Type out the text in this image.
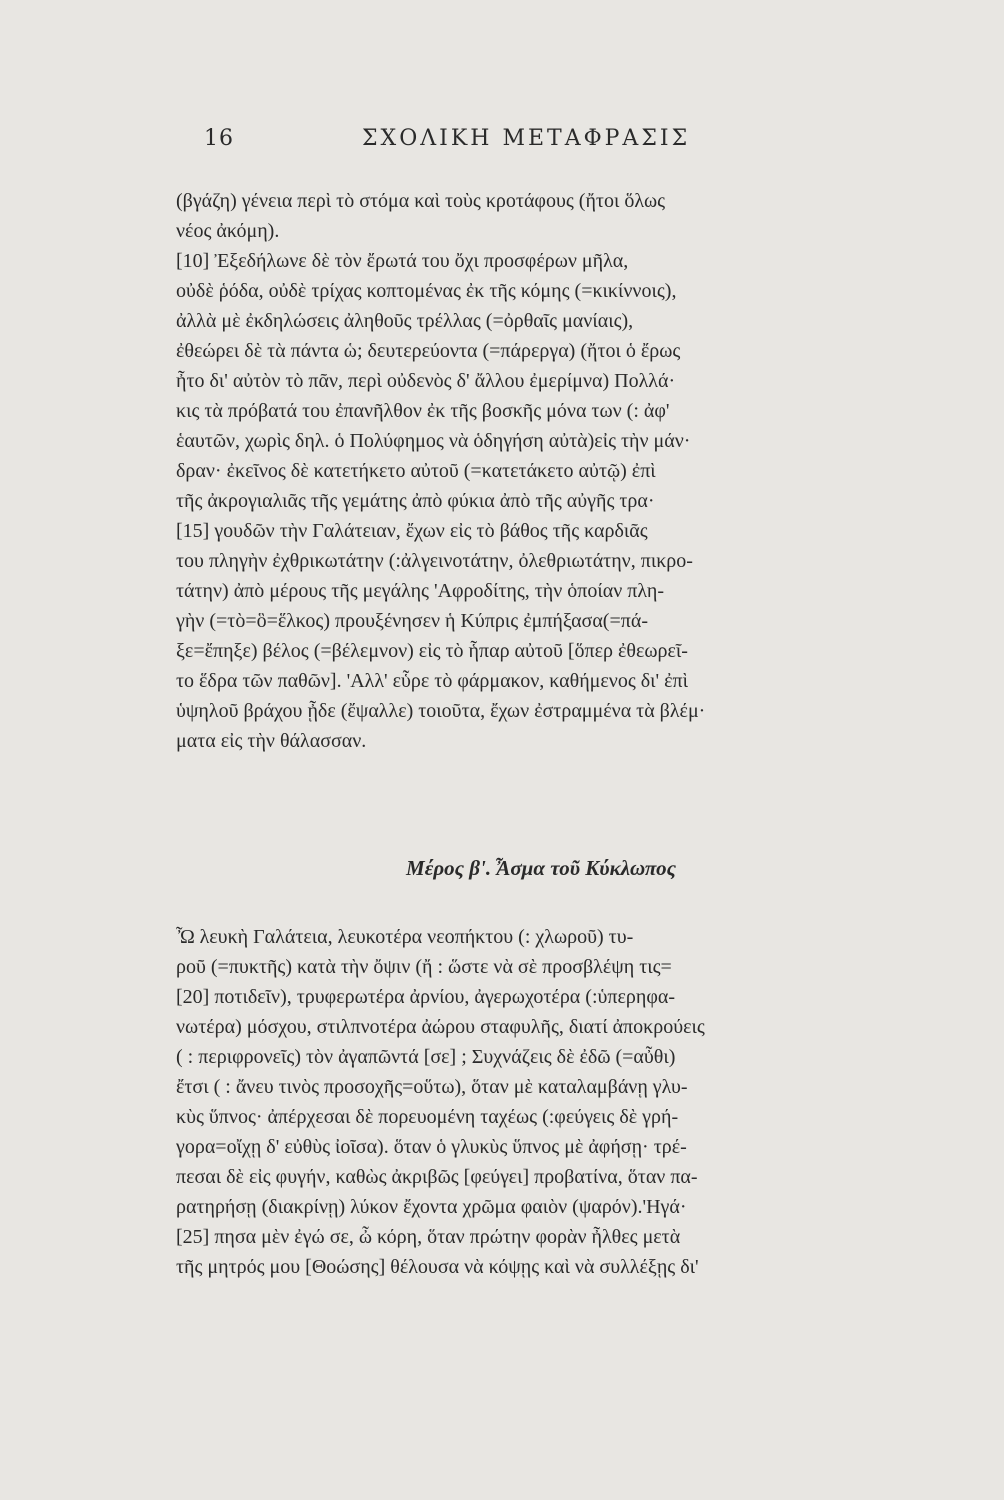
16	ΣΧΟΛΙΚΗ ΜΕΤΑΦΡΑΣΙΣ
(βγάζη) γένεια περὶ τὸ στόμα καὶ τοὺς κροτάφους (ἤτοι ὅλως
νέος ἀκόμη).
[10] Ἐξεδήλωνε δὲ τὸν ἔρωτά του ὄχι προσφέρων μῆλα,
οὐδὲ ῥόδα, οὐδὲ τρίχας κοπτομένας ἐκ τῆς κόμης (=κικίννοις),
ἀλλὰ μὲ ἐκδηλώσεις ἀληθοῦς τρέλλας (=ὀρθαῖς μανίαις),
ἐθεώρει δὲ τὰ πάντα ὡ; δευτερεύοντα (=πάρεργα) (ἤτοι ὁ ἔρως
ἦτο δι' αὐτὸν τὸ πᾶν, περὶ οὐδενὸς δ' ἄλλου ἐμερίμνα) Πολλά·
κις τὰ πρόβατά του ἐπανῆλθον ἐκ τῆς βοσκῆς μόνα των (: ἀφ'
ἑαυτῶν, χωρὶς δηλ. ὁ Πολύφημος νὰ ὁδηγήση αὐτὰ)εἰς τὴν μάν·
δραν· ἐκεῖνος δὲ κατετήκετο αὐτοῦ (=κατετάκετο αὐτῷ) ἐπὶ
τῆς ἀκρογιαλιᾶς τῆς γεμάτης ἀπὸ φύκια ἀπὸ τῆς αὐγῆς τρα·
[15] γουδῶν τὴν Γαλάτειαν, ἔχων εἰς τὸ βάθος τῆς καρδιᾶς
του πληγὴν ἐχθρικωτάτην (:ἀλγεινοτάτην, ὀλεθριωτάτην, πικρο-
τάτην) ἀπὸ μέρους τῆς μεγάλης 'Αφροδίτης, τὴν ὁποίαν πλη-
γὴν (=τὸ=ὃ=ἕλκος) προυξένησεν ἡ Κύπρις ἐμπήξασα(=πά-
ξε=ἔπηξε) βέλος (=βέλεμνον) εἰς τὸ ἧπαρ αὐτοῦ [ὅπερ ἐθεωρεῖ-
το ἕδρα τῶν παθῶν]. 'Αλλ' εὗρε τὸ φάρμακον, καθήμενος δι' ἐπὶ
ὑψηλοῦ βράχου ᾖδε (ἔψαλλε) τοιοῦτα, ἔχων ἐστραμμένα τὰ βλέμ·
ματα εἰς τὴν θάλασσαν.
Μέρος β'. Ἆσμα τοῦ Κύκλωπος
Ὦ λευκὴ Γαλάτεια, λευκοτέρα νεοπήκτου (: χλωροῦ) τυ-
ροῦ (=πυκτῆς) κατὰ τὴν ὄψιν (ἤ : ὥστε νὰ σὲ προσβλέψη τις=
[20] ποτιδεῖν), τρυφερωτέρα ἀρνίου, ἀγερωχοτέρα (:ὑπερηφα-
νωτέρα) μόσχου, στιλπνοτέρα ἀώρου σταφυλῆς, διατί ἀποκρούεις
( : περιφρονεῖς) τὸν ἀγαπῶντά [σε] ; Συχνάζεις δὲ ἐδῶ (=αὖθι)
ἔτσι ( : ἄνευ τινὸς προσοχῆς=οὕτω), ὅταν μὲ καταλαμβάνῃ γλυ-
κὺς ὕπνος· ἀπέρχεσαι δὲ πορευομένη ταχέως (:φεύγεις δὲ γρή-
γορα=οἴχῃ δ' εὐθὺς ἰοῖσα). ὅταν ὁ γλυκὺς ὕπνος μὲ ἀφήσῃ· τρέ-
πεσαι δὲ εἰς φυγήν, καθὼς ἀκριβῶς [φεύγει] προβατίνα, ὅταν πα-
ρατηρήσῃ (διακρίνῃ) λύκον ἔχοντα χρῶμα φαιὸν (ψαρόν).'Ηγά·
[25] πησα μὲν ἐγώ σε, ὦ κόρη, ὅταν πρώτην φορὰν ἦλθες μετὰ
τῆς μητρός μου [Θοώσης] θέλουσα νὰ κόψῃς καὶ νὰ συλλέξῃς δι'
